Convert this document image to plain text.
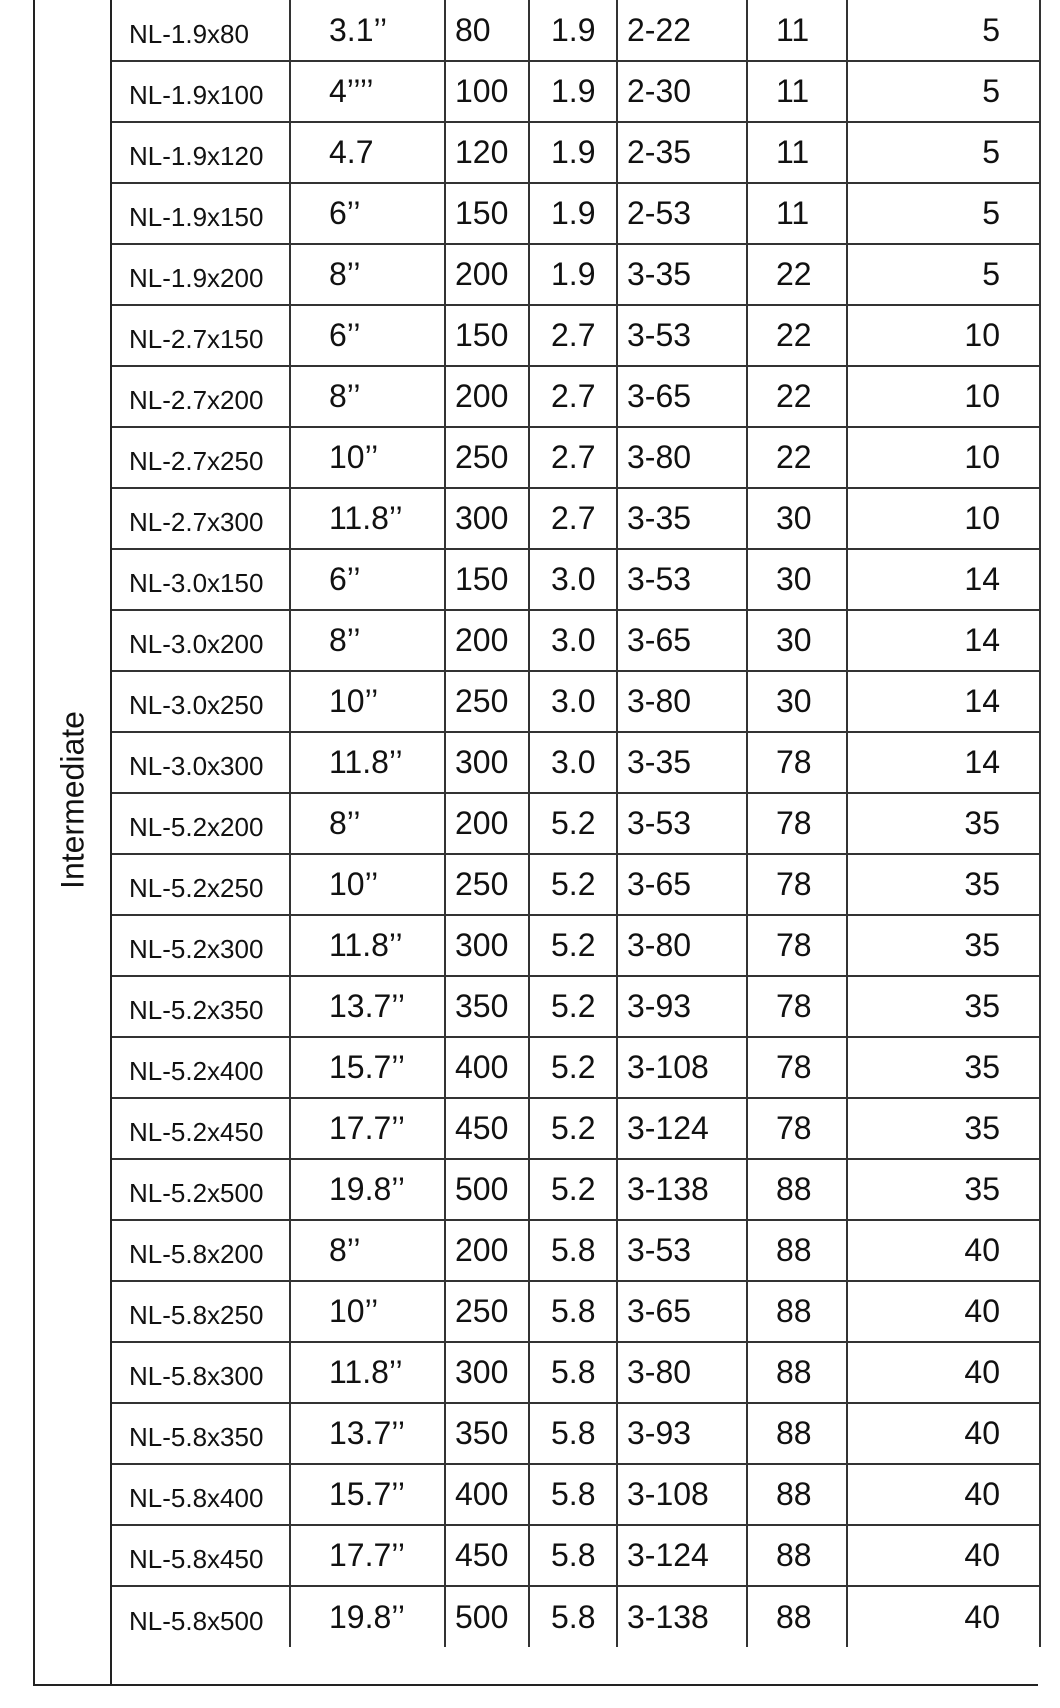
Intermediate
NL-1.9x80	3.1’’	80	1.9	2-22	11	5
NL-1.9x100	4’’’’	100	1.9	2-30	11	5
NL-1.9x120	4.7	120	1.9	2-35	11	5
NL-1.9x150	6’’	150	1.9	2-53	11	5
NL-1.9x200	8’’	200	1.9	3-35	22	5
NL-2.7x150	6’’	150	2.7	3-53	22	10
NL-2.7x200	8’’	200	2.7	3-65	22	10
NL-2.7x250	10’’	250	2.7	3-80	22	10
NL-2.7x300	11.8’’	300	2.7	3-35	30	10
NL-3.0x150	6’’	150	3.0	3-53	30	14
NL-3.0x200	8’’	200	3.0	3-65	30	14
NL-3.0x250	10’’	250	3.0	3-80	30	14
NL-3.0x300	11.8’’	300	3.0	3-35	78	14
NL-5.2x200	8’’	200	5.2	3-53	78	35
NL-5.2x250	10’’	250	5.2	3-65	78	35
NL-5.2x300	11.8’’	300	5.2	3-80	78	35
NL-5.2x350	13.7’’	350	5.2	3-93	78	35
NL-5.2x400	15.7’’	400	5.2	3-108	78	35
NL-5.2x450	17.7’’	450	5.2	3-124	78	35
NL-5.2x500	19.8’’	500	5.2	3-138	88	35
NL-5.8x200	8’’	200	5.8	3-53	88	40
NL-5.8x250	10’’	250	5.8	3-65	88	40
NL-5.8x300	11.8’’	300	5.8	3-80	88	40
NL-5.8x350	13.7’’	350	5.8	3-93	88	40
NL-5.8x400	15.7’’	400	5.8	3-108	88	40
NL-5.8x450	17.7’’	450	5.8	3-124	88	40
NL-5.8x500	19.8’’	500	5.8	3-138	88	40
